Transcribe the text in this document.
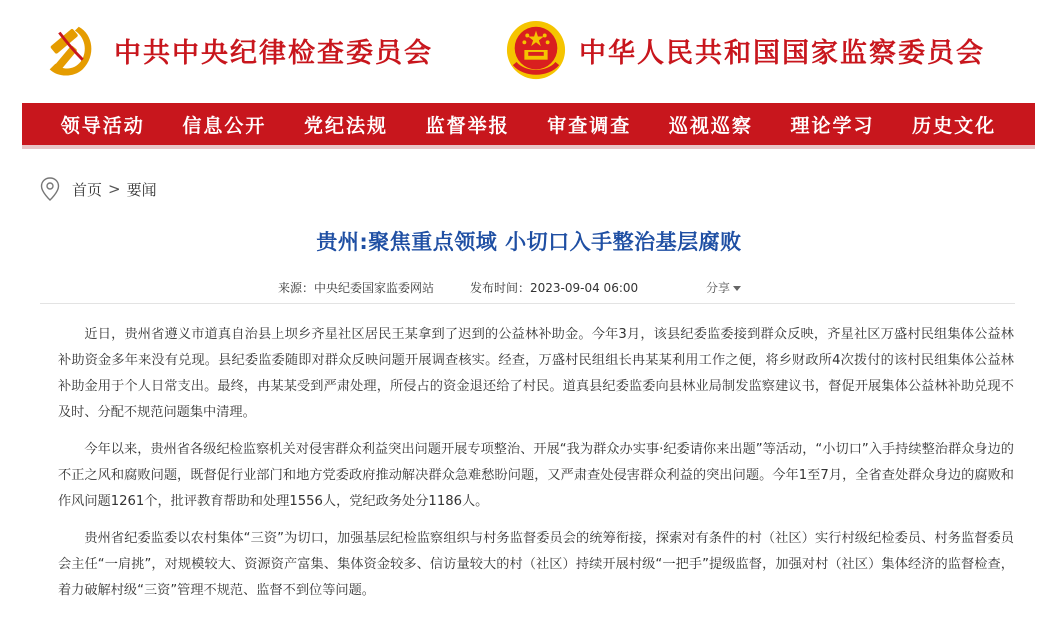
中共中央纪律检查委员会	中华人民共和国国家监察委员会
领导活动 信息公开 党纪法规 监督举报 审查调查 巡视巡察 理论学习 历史文化
首页 > 要闻
贵州:聚焦重点领域 小切口入手整治基层腐败
来源：中央纪委国家监委网站	发布时间：2023-09-04 06:00	分享

近日，贵州省遵义市道真自治县上坝乡齐星社区居民王某拿到了迟到的公益林补助金。今年3月，该县纪委监委接到群众反映，齐星社区万盛村民组集体公益林补助资金多年来没有兑现。县纪委监委随即对群众反映问题开展调查核实。经查，万盛村民组组长冉某某利用工作之便，将乡财政所4次拨付的该村民组集体公益林补助金用于个人日常支出。最终，冉某某受到严肃处理，所侵占的资金退还给了村民。道真县纪委监委向县林业局制发监察建议书，督促开展集体公益林补助兑现不及时、分配不规范问题集中清理。

今年以来，贵州省各级纪检监察机关对侵害群众利益突出问题开展专项整治、开展“我为群众办实事·纪委请你来出题”等活动，“小切口”入手持续整治群众身边的不正之风和腐败问题，既督促行业部门和地方党委政府推动解决群众急难愁盼问题，又严肃查处侵害群众利益的突出问题。今年1至7月，全省查处群众身边的腐败和作风问题1261个，批评教育帮助和处理1556人，党纪政务处分1186人。

贵州省纪委监委以农村集体“三资”为切口，加强基层纪检监察组织与村务监督委员会的统筹衔接，探索对有条件的村（社区）实行村级纪检委员、村务监督委员会主任“一肩挑”，对规模较大、资源资产富集、集体资金较多、信访量较大的村（社区）持续开展村级“一把手”提级监督，加强对村（社区）集体经济的监督检查，着力破解村级“三资”管理不规范、监督不到位等问题。
